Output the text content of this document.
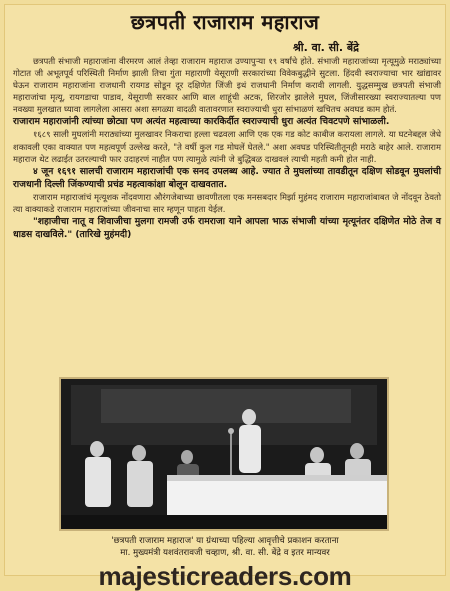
छत्रपती राजाराम महाराज
श्री. वा. सी. बेंद्रे

छत्रपती संभाजी महाराजांना वीरमरण आलं तेव्हा राजाराम महाराज उण्यापुऱ्या १९ वर्षांचे होते. संभाजी महाराजांच्या मृत्यूमुळे मराठ्यांच्या गोटात जी अभूतपूर्व परिस्थिती निर्माण झाली तिचा गुंता महाराणी येसूराणी सरकारांच्या विवेकबुद्धीने सुटला. हिंदवी स्वराज्याचा भार खांद्यावर घेऊन राजाराम महाराजांना राजधानी रायगड सोडून दूर दक्षिणेत जिंजी इथं राजधानी निर्माण करावी लागली. युद्धसम्मुख छत्रपती संभाजी महाराजांचा मृत्यू, रायगडाचा पाडाव, येसूराणी सरकार आणि बाल शाहूंची अटक, शिरजोर झालेले मुघल, जिंजीसारख्या स्वराज्यातल्या पण नवख्या मुलखात घ्यावा लागलेला आसरा अशा सगळ्या वादळी वातावरणात स्वराज्याची धुरा सांभाळणं खचितच अवघड काम होतं.

राजाराम महाराजांनी त्यांच्या छोट्या पण अत्यंत महत्वाच्या कारकिर्दीत स्वराज्याची धुरा अत्यंत चिवटपणे सांभाळली.

१६८९ साली मुघलांनी मराठ्यांच्या मुलखावर निकराचा हल्ला चढवला आणि एक एक गड कोट काबीज करायला लागले. या घटनेबद्दल जेधे शकावली एका वाक्यात पण महत्वपूर्ण उल्लेख करते, "ते वर्षी कुल गड मोघलें घेतले." अशा अवघड परिस्थितीतूनही मराठे बाहेर आले. राजाराम महाराज थेट लढाईत उतरल्याची फार उदाहरणं नाहीत पण त्यामुळे त्यांनी जे बुद्धिबळ दाखवलं त्याची महती कमी होत नाही.

४ जून १६९१ सालची राजाराम महाराजांची एक सनद उपलब्ध आहे. ज्यात ते मुघलांच्या तावडीतून दक्षिण सोडवून मुघलांची राजधानी दिल्ली जिंकण्याची प्रचंड महत्वाकांक्षा बोलून दाखवतात.

राजाराम महाराजांचं मृत्यूशक नोंदवणारा औरंगजेबाच्या छावणीतला एक मनसबदार मिर्झा मुहंमद राजाराम महाराजांबाबत जे नोंदवून ठेवतो त्या वाक्याकडे राजाराम महाराजांच्या जीवनाचा सार म्हणून पाहता येईल.

"शहाजीचा नातू व शिवाजीचा मुलगा रामजी उर्फ रामराजा याने आपला भाऊ संभाजी यांच्या मृत्यूनंतर दक्षिणेत मोठे तेज व धाडस दाखविले." (तारिखे मुहंमदी)

'छत्रपती राजाराम महाराज' या ग्रंथाच्या पहिल्या आवृत्तीचे प्रकाशन करताना
मा. मुख्यमंत्री यशवंतरावजी चव्हाण, श्री. वा. सी. बेंद्रे व इतर मान्यवर
majesticreaders.com
